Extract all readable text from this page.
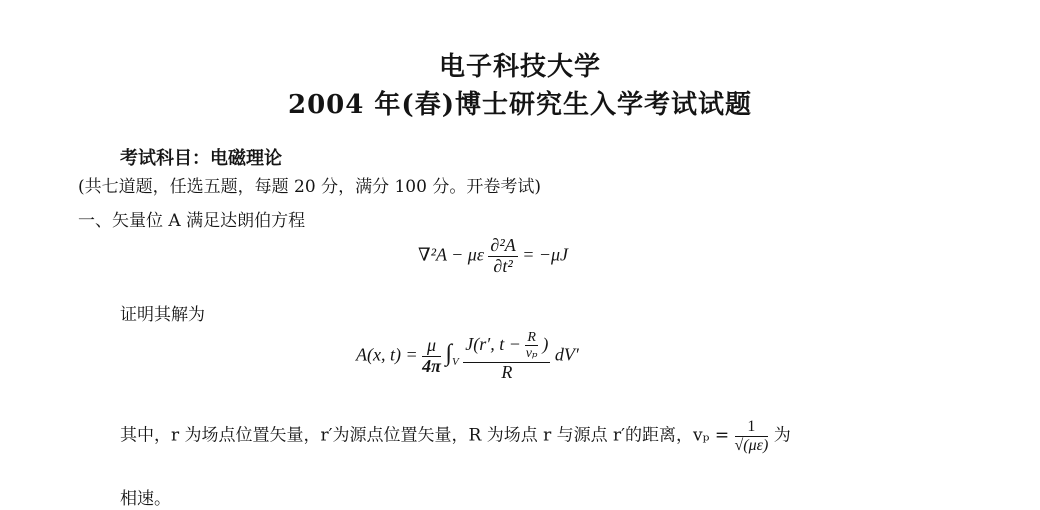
电子科技大学
2004 年(春)博士研究生入学考试试题
考试科目：电磁理论
(共七道题，任选五题，每题 20 分，满分 100 分。开卷考试)
一、矢量位 A 满足达朗伯方程
∇²A − με $\frac{\text{∂²A}}{\text{∂t²}} = -\mu J$
证明其解为
A(x, $t) = \frac{\mu}{4\pi} \int_V \frac{J(r', t - \frac{R}{\text{vₚ}} )}{R} dV'$
其中，r 为场点位置矢量，r′为源点位置矢量，R 为场点 r 与源点 r′的距离，$v_p = \frac{1}{√(\mu\varepsilon)}$ 为
相速。
